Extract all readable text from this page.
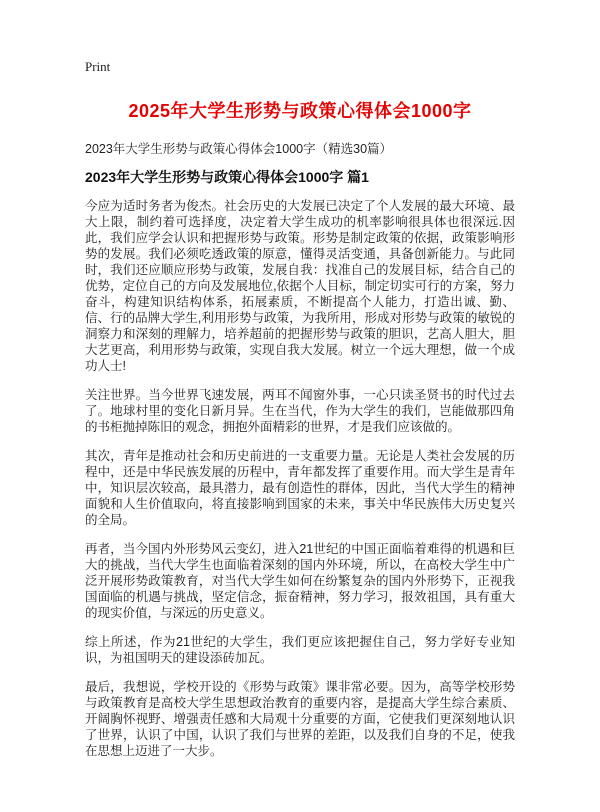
Print
2025年大学生形势与政策心得体会1000字
2023年大学生形势与政策心得体会1000字（精选30篇）
2023年大学生形势与政策心得体会1000字 篇1

今应为适时务者为俊杰。社会历史的大发展已决定了个人发展的最大环境、最大上限，制约着可选择度，决定着大学生成功的机率影响很具体也很深远.因此，我们应学会认识和把握形势与政策。形势是制定政策的依据，政策影响形势的发展。我们必须吃透政策的原意，懂得灵活变通，具备创新能力。与此同时，我们还应顺应形势与政策，发展自我：找准自己的发展目标，结合自己的优势，定位自己的方向及发展地位,依据个人目标，制定切实可行的方案，努力奋斗，构建知识结构体系，拓展素质，不断提高个人能力，打造出诚、勤、信、行的品牌大学生,利用形势与政策，为我所用，形成对形势与政策的敏锐的洞察力和深刻的理解力，培养超前的把握形势与政策的胆识，艺高人胆大，胆大艺更高，利用形势与政策，实现自我大发展。树立一个远大理想，做一个成功人士!

关注世界。当今世界飞速发展，两耳不闻窗外事，一心只读圣贤书的时代过去了。地球村里的变化日新月异。生在当代，作为大学生的我们，岂能做那四角的书柜抛掉陈旧的观念，拥抱外面精彩的世界，才是我们应该做的。

其次，青年是推动社会和历史前进的一支重要力量。无论是人类社会发展的历程中，还是中华民族发展的历程中，青年都发挥了重要作用。而大学生是青年中，知识层次较高，最具潜力，最有创造性的群体，因此，当代大学生的精神面貌和人生价值取向，将直接影响到国家的未来，事关中华民族伟大历史复兴的全局。

再者，当今国内外形势风云变幻，进入21世纪的中国正面临着难得的机遇和巨大的挑战，当代大学生也面临着深刻的国内外环境，所以，在高校大学生中广泛开展形势政策教育，对当代大学生如何在纷繁复杂的国内外形势下，正视我国面临的机遇与挑战，坚定信念，振奋精神，努力学习，报效祖国，具有重大的现实价值，与深远的历史意义。

综上所述，作为21世纪的大学生，我们更应该把握住自己，努力学好专业知识，为祖国明天的建设添砖加瓦。

最后，我想说，学校开设的《形势与政策》课非常必要。因为，高等学校形势与政策教育是高校大学生思想政治教育的重要内容，是提高大学生综合素质、开阔胸怀视野、增强责任感和大局观十分重要的方面，它使我们更深刻地认识了世界，认识了中国，认识了我们与世界的差距，以及我们自身的不足，使我在思想上迈进了一大步。
